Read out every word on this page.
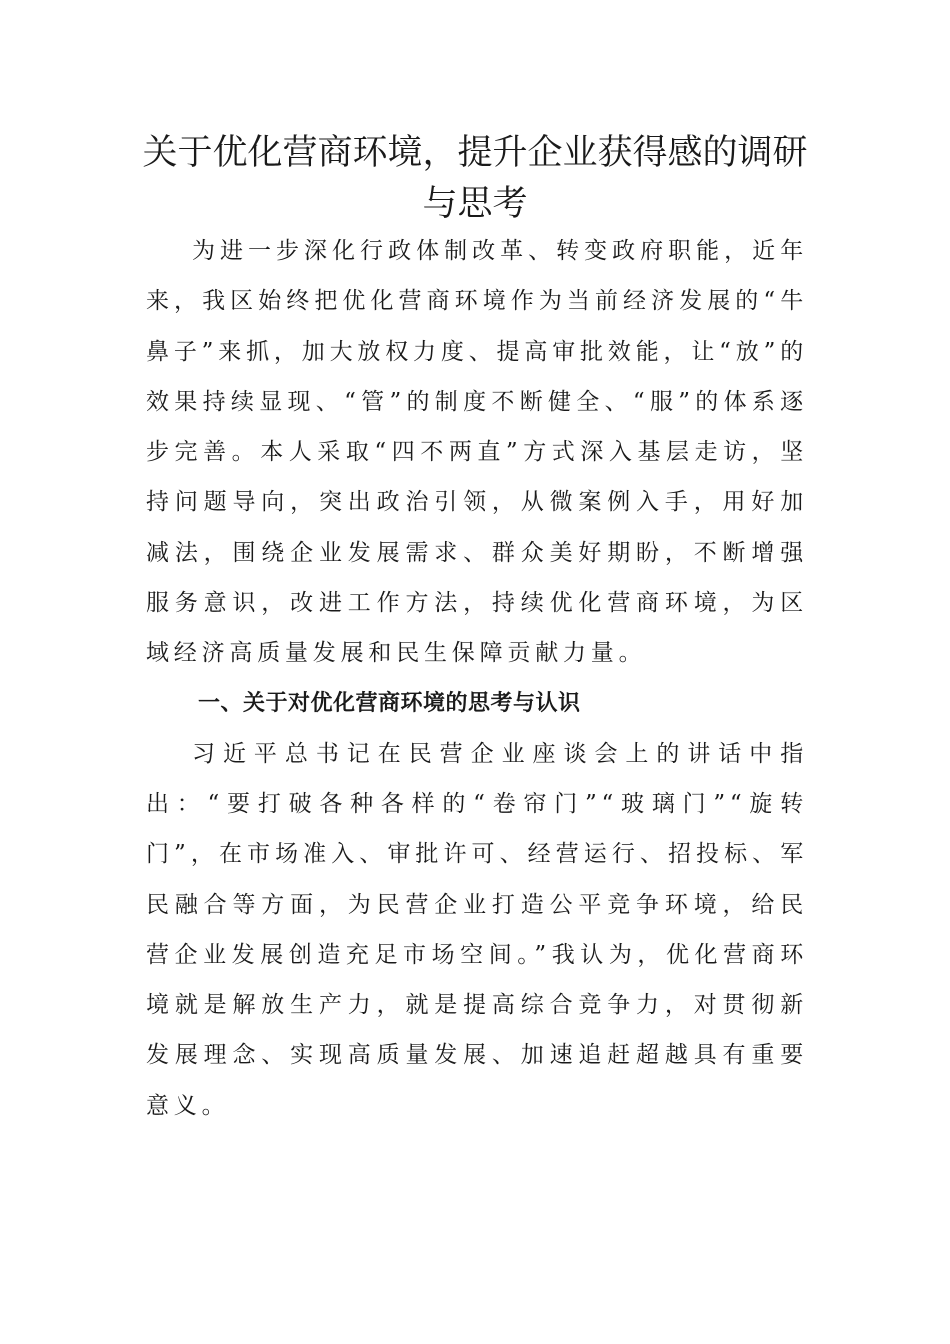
关于优化营商环境，提升企业获得感的调研与思考

为进一步深化行政体制改革、转变政府职能，近年来，我区始终把优化营商环境作为当前经济发展的“牛鼻子”来抓，加大放权力度、提高审批效能，让“放”的效果持续显现、“管”的制度不断健全、“服”的体系逐步完善。本人采取“四不两直”方式深入基层走访，坚持问题导向，突出政治引领，从微案例入手，用好加减法，围绕企业发展需求、群众美好期盼，不断增强服务意识，改进工作方法，持续优化营商环境，为区域经济高质量发展和民生保障贡献力量。

一、关于对优化营商环境的思考与认识

习近平总书记在民营企业座谈会上的讲话中指出：“要打破各种各样的“卷帘门”“玻璃门”“旋转门”，在市场准入、审批许可、经营运行、招投标、军民融合等方面，为民营企业打造公平竞争环境，给民营企业发展创造充足市场空间。”我认为，优化营商环境就是解放生产力，就是提高综合竞争力，对贯彻新发展理念、实现高质量发展、加速追赶超越具有重要意义。
